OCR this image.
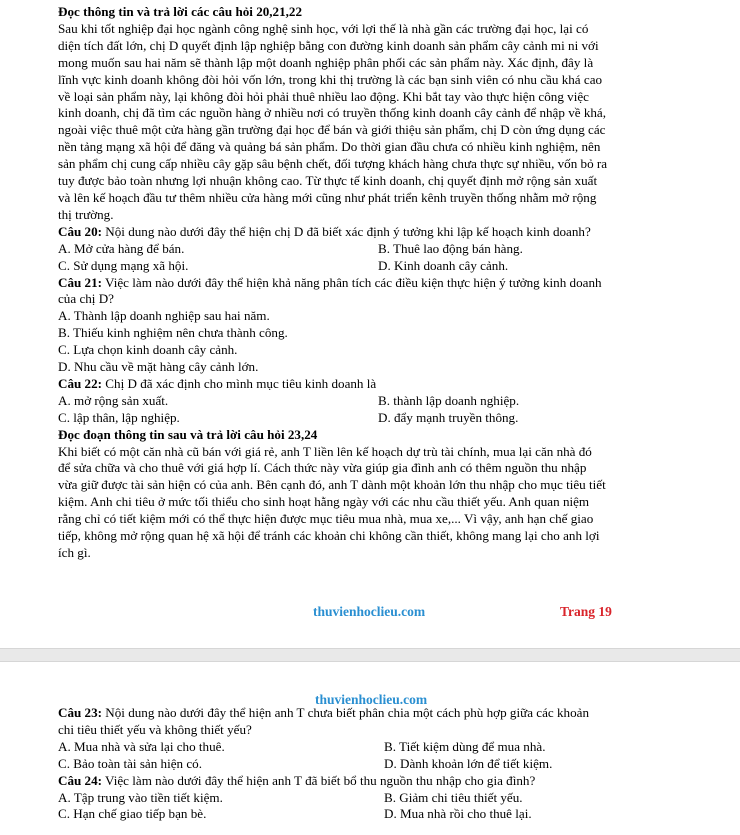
Đọc thông tin và trả lời các câu hỏi 20,21,22

Sau khi tốt nghiệp đại học ngành công nghệ sinh học, với lợi thế là nhà gần các trường đại học, lại có

diện tích đất lớn, chị D quyết định lập nghiệp bằng con đường kinh doanh sản phẩm cây cảnh mi ni với

mong muốn sau hai năm sẽ thành lập một doanh nghiệp phân phối các sản phẩm này. Xác định, đây là

lĩnh vực kinh doanh không đòi hỏi vốn lớn, trong khi thị trường là các bạn sinh viên có nhu cầu khá cao

về loại sản phẩm này, lại không đòi hỏi phải thuê nhiều lao động. Khi bắt tay vào thực hiện công việc

kinh doanh, chị đã tìm các nguồn hàng ở nhiều nơi có truyền thống kinh doanh cây cảnh để nhập về khá,

ngoài việc thuê một cửa hàng gần trường đại học để bán và giới thiệu sản phẩm, chị D còn ứng dụng các

nền tảng mạng xã hội để đăng và quảng bá sản phẩm. Do thời gian đầu chưa có nhiều kinh nghiệm, nên

sản phẩm chị cung cấp nhiều cây gặp sâu bệnh chết, đối tượng khách hàng chưa thực sự nhiều, vốn bỏ ra

tuy được bảo toàn nhưng lợi nhuận không cao. Từ thực tế kinh doanh, chị quyết định mở rộng sản xuất

và lên kế hoạch đầu tư thêm nhiều cửa hàng mới cũng như phát triển kênh truyền thống nhằm mở rộng

thị trường.

Câu 20: Nội dung nào dưới đây thể hiện chị D đã biết xác định ý tưởng khi lập kế hoạch kinh doanh?

A. Mở cửa hàng để bán.	B. Thuê lao động bán hàng.
C. Sử dụng mạng xã hội.	D. Kinh doanh cây cảnh.

Câu 21: Việc làm nào dưới đây thể hiện khả năng phân tích các điều kiện thực hiện ý tưởng kinh doanh

của chị D?

A. Thành lập doanh nghiệp sau hai năm.

B. Thiếu kinh nghiệm nên chưa thành công.

C. Lựa chọn kinh doanh cây cảnh.

D. Nhu cầu về mặt hàng cây cảnh lớn.

Câu 22: Chị D đã xác định cho mình mục tiêu kinh doanh là

A. mở rộng sản xuất.	B. thành lập doanh nghiệp.
C. lập thân, lập nghiệp.	D. đẩy mạnh truyền thông.

Đọc đoạn thông tin sau và trả lời câu hỏi 23,24

Khi biết có một căn nhà cũ bán với giá rẻ, anh T liền lên kế hoạch dự trù tài chính, mua lại căn nhà đó

để sửa chữa và cho thuê với giá hợp lí. Cách thức này vừa giúp gia đình anh có thêm nguồn thu nhập

vừa giữ được tài sản hiện có của anh. Bên cạnh đó, anh T dành một khoản lớn thu nhập cho mục tiêu tiết

kiệm. Anh chi tiêu ở mức tối thiểu cho sinh hoạt hằng ngày với các nhu cầu thiết yếu. Anh quan niệm

rằng chỉ có tiết kiệm mới có thể thực hiện được mục tiêu mua nhà, mua xe,... Vì vậy, anh hạn chế giao

tiếp, không mở rộng quan hệ xã hội để tránh các khoản chi không cần thiết, không mang lại cho anh lợi

ích gì.

thuvienhoclieu.com	Trang 19
thuvienhoclieu.com

Câu 23: Nội dung nào dưới đây thể hiện anh T chưa biết phân chia một cách phù hợp giữa các khoản

chi tiêu thiết yếu và không thiết yếu?

A. Mua nhà và sửa lại cho thuê.	B. Tiết kiệm dùng để mua nhà.
C. Bảo toàn tài sản hiện có.	D. Dành khoản lớn để tiết kiệm.

Câu 24: Việc làm nào dưới đây thể hiện anh T đã biết bổ thu nguồn thu nhập cho gia đình?

A. Tập trung vào tiền tiết kiệm.	B. Giảm chi tiêu thiết yếu.
C. Hạn chế giao tiếp bạn bè.	D. Mua nhà rồi cho thuê lại.
